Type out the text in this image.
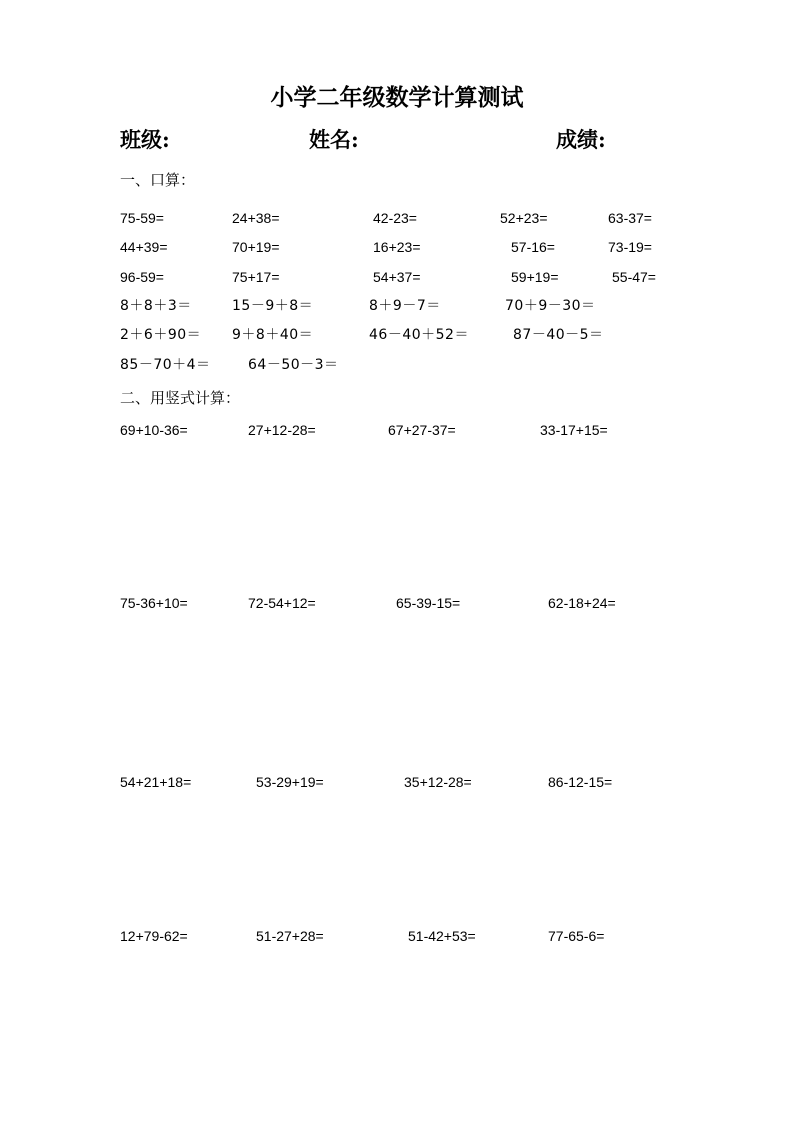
小学二年级数学计算测试
班级:	姓名:	成绩:
一、口算：
75-59=	24+38=	42-23=	52+23=	63-37=
44+39=	70+19=	16+23=	57-16=	73-19=
96-59=	75+17=	54+37=	59+19=	55-47=
8＋8＋3＝	15－9＋8＝	8＋9－7＝	70＋9－30＝
2＋6＋90＝ 9＋8＋40＝	46－40＋52＝	87－40－5＝
85－70＋4＝	64－50－3＝
二、用竖式计算：
69+10-36=	27+12-28=	67+27-37=	33-17+15=
75-36+10=	72-54+12=	65-39-15=	62-18+24=
54+21+18=	53-29+19=	35+12-28=	86-12-15=
12+79-62=	51-27+28=	51-42+53=	77-65-6=
